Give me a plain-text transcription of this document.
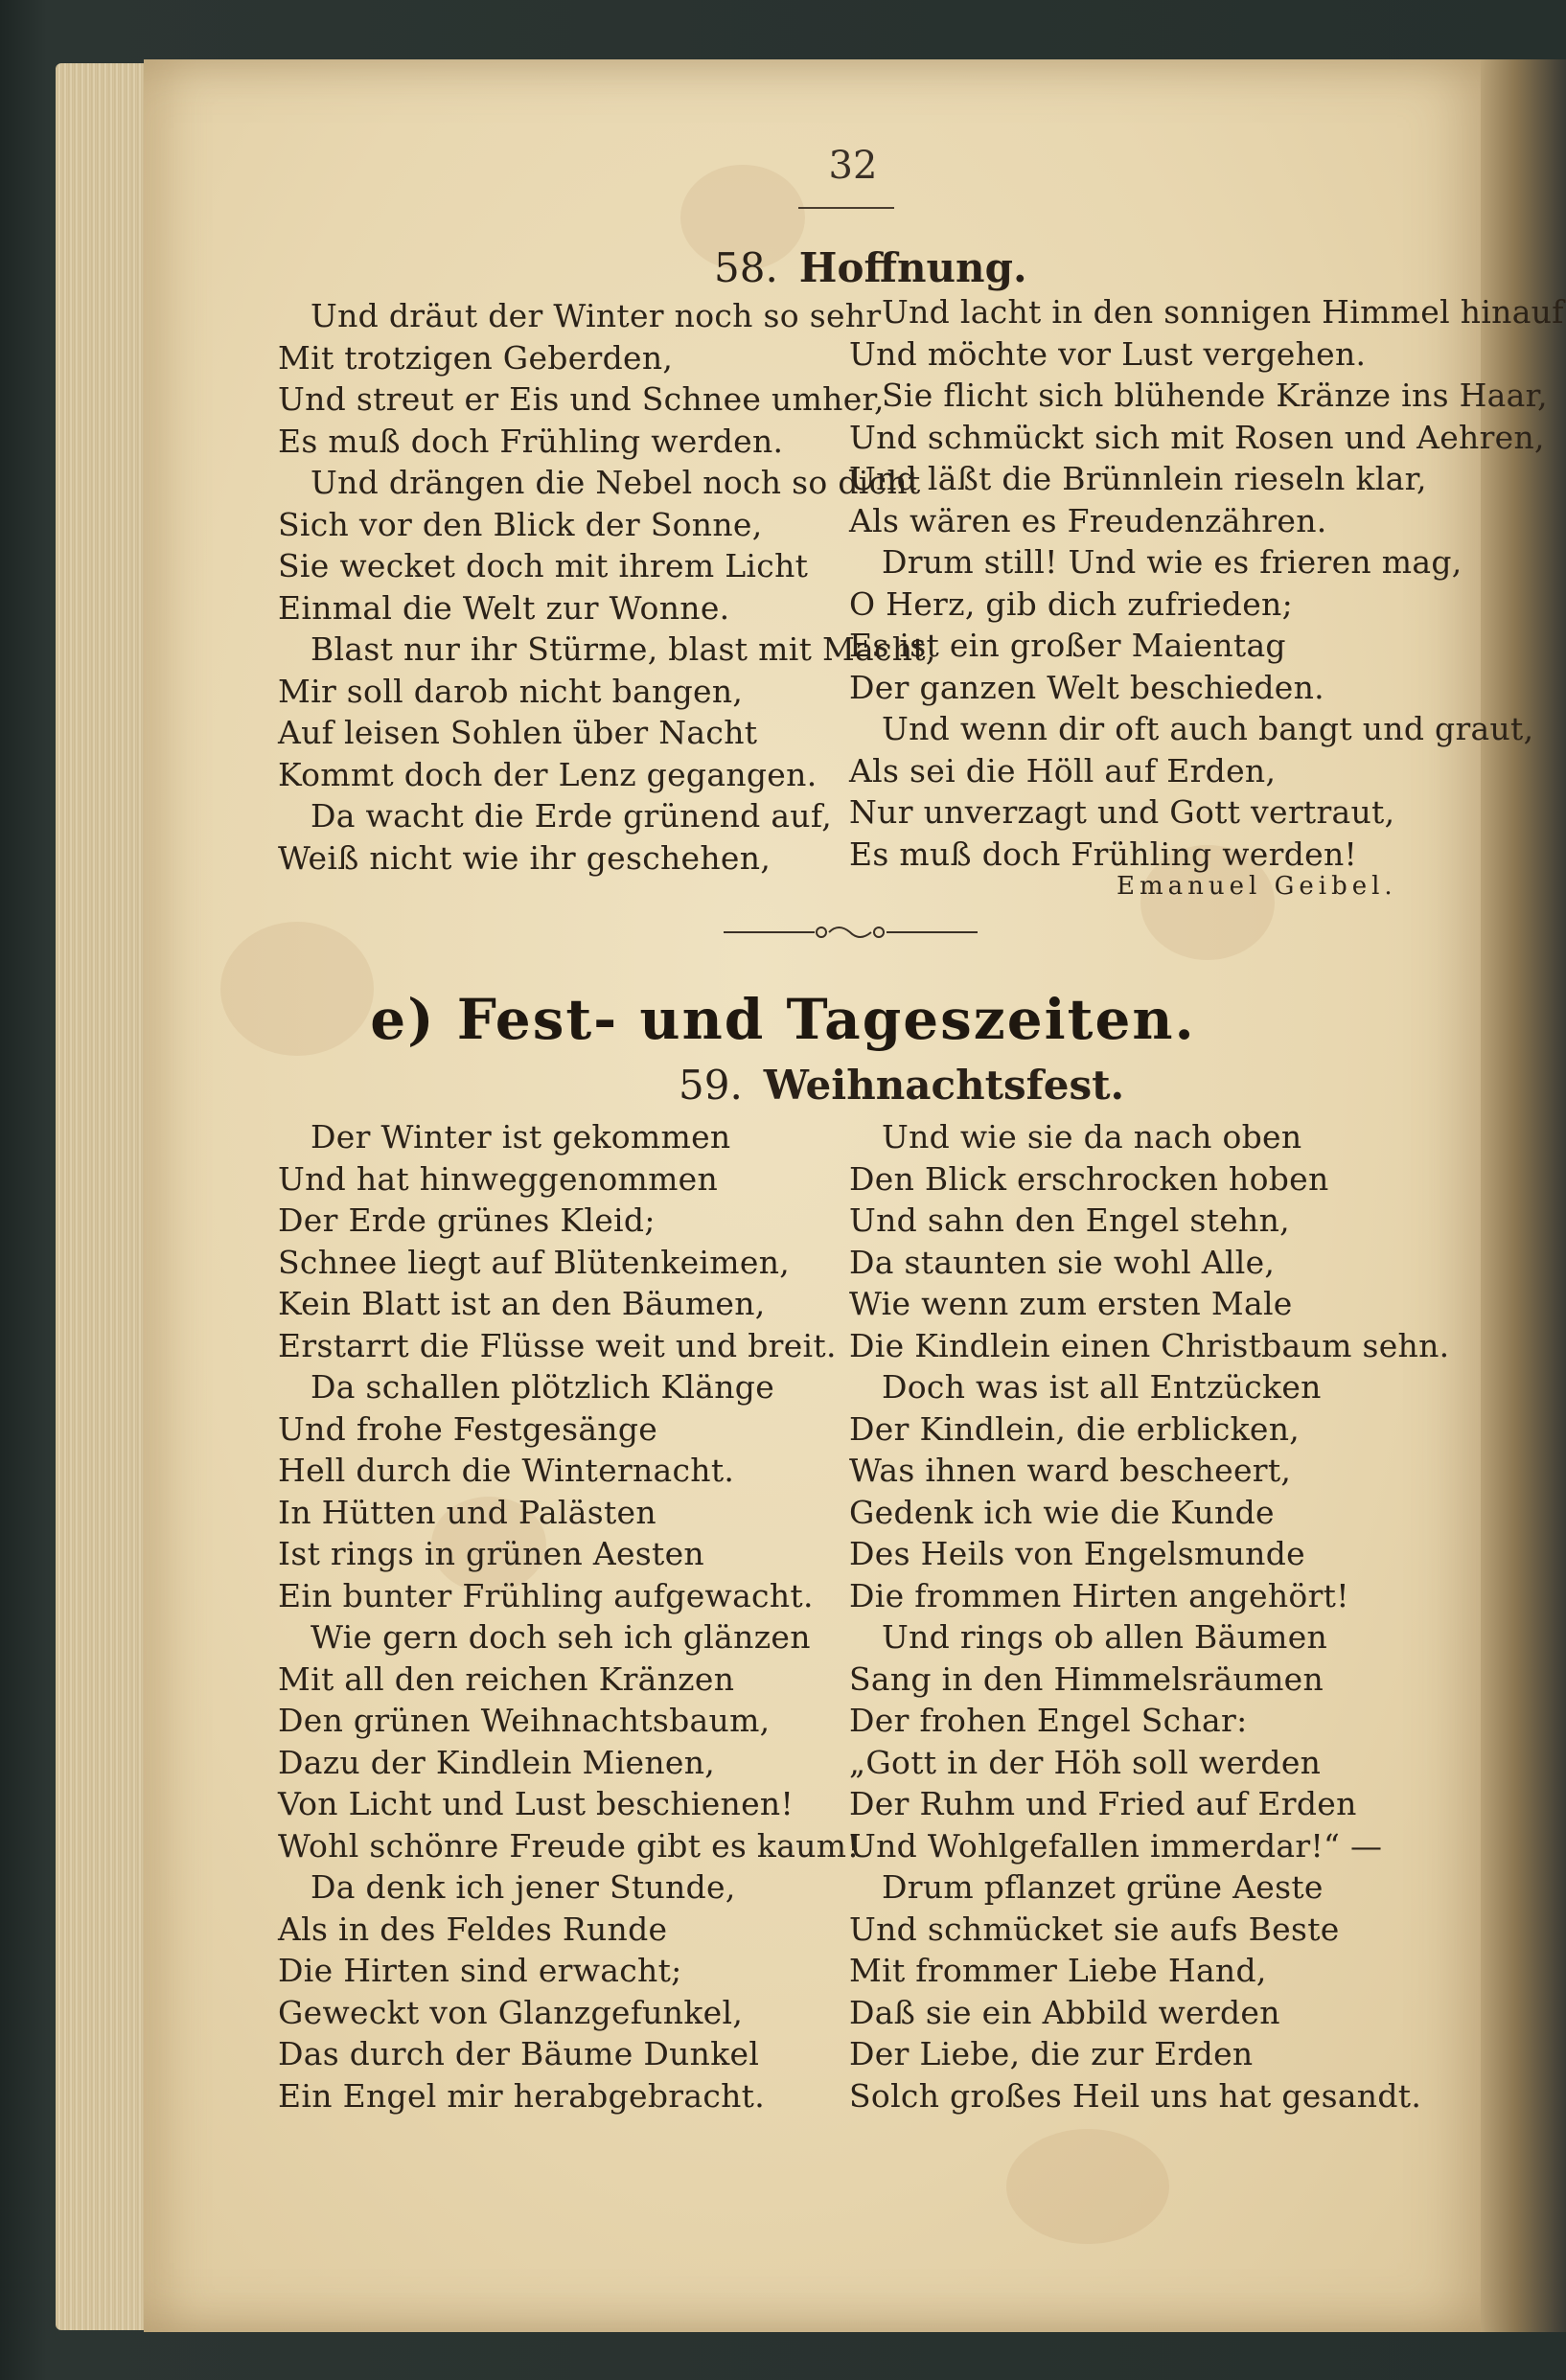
32
58. Hoffnung.
Und dräut der Winter noch so sehr
Mit trotzigen Geberden,
Und streut er Eis und Schnee umher,
Es muß doch Frühling werden.
Und drängen die Nebel noch so dicht
Sich vor den Blick der Sonne,
Sie wecket doch mit ihrem Licht
Einmal die Welt zur Wonne.
Blast nur ihr Stürme, blast mit Macht,
Mir soll darob nicht bangen,
Auf leisen Sohlen über Nacht
Kommt doch der Lenz gegangen.
Da wacht die Erde grünend auf,
Weiß nicht wie ihr geschehen,
Und lacht in den sonnigen Himmel hinauf
Und möchte vor Lust vergehen.
Sie flicht sich blühende Kränze ins Haar,
Und schmückt sich mit Rosen und Aehren,
Und läßt die Brünnlein rieseln klar,
Als wären es Freudenzähren.
Drum still! Und wie es frieren mag,
O Herz, gib dich zufrieden;
Es ist ein großer Maientag
Der ganzen Welt beschieden.
Und wenn dir oft auch bangt und graut,
Als sei die Höll auf Erden,
Nur unverzagt und Gott vertraut,
Es muß doch Frühling werden!
Emanuel Geibel.
e) Fest- und Tageszeiten.
59. Weihnachtsfest.
Der Winter ist gekommen
Und hat hinweggenommen
Der Erde grünes Kleid;
Schnee liegt auf Blütenkeimen,
Kein Blatt ist an den Bäumen,
Erstarrt die Flüsse weit und breit.
Da schallen plötzlich Klänge
Und frohe Festgesänge
Hell durch die Winternacht.
In Hütten und Palästen
Ist rings in grünen Aesten
Ein bunter Frühling aufgewacht.
Wie gern doch seh ich glänzen
Mit all den reichen Kränzen
Den grünen Weihnachtsbaum,
Dazu der Kindlein Mienen,
Von Licht und Lust beschienen!
Wohl schönre Freude gibt es kaum!
Da denk ich jener Stunde,
Als in des Feldes Runde
Die Hirten sind erwacht;
Geweckt von Glanzgefunkel,
Das durch der Bäume Dunkel
Ein Engel mir herabgebracht.
Und wie sie da nach oben
Den Blick erschrocken hoben
Und sahn den Engel stehn,
Da staunten sie wohl Alle,
Wie wenn zum ersten Male
Die Kindlein einen Christbaum sehn.
Doch was ist all Entzücken
Der Kindlein, die erblicken,
Was ihnen ward bescheert,
Gedenk ich wie die Kunde
Des Heils von Engelsmunde
Die frommen Hirten angehört!
Und rings ob allen Bäumen
Sang in den Himmelsräumen
Der frohen Engel Schar:
„Gott in der Höh soll werden
Der Ruhm und Fried auf Erden
Und Wohlgefallen immerdar!“ —
Drum pflanzet grüne Aeste
Und schmücket sie aufs Beste
Mit frommer Liebe Hand,
Daß sie ein Abbild werden
Der Liebe, die zur Erden
Solch großes Heil uns hat gesandt.
